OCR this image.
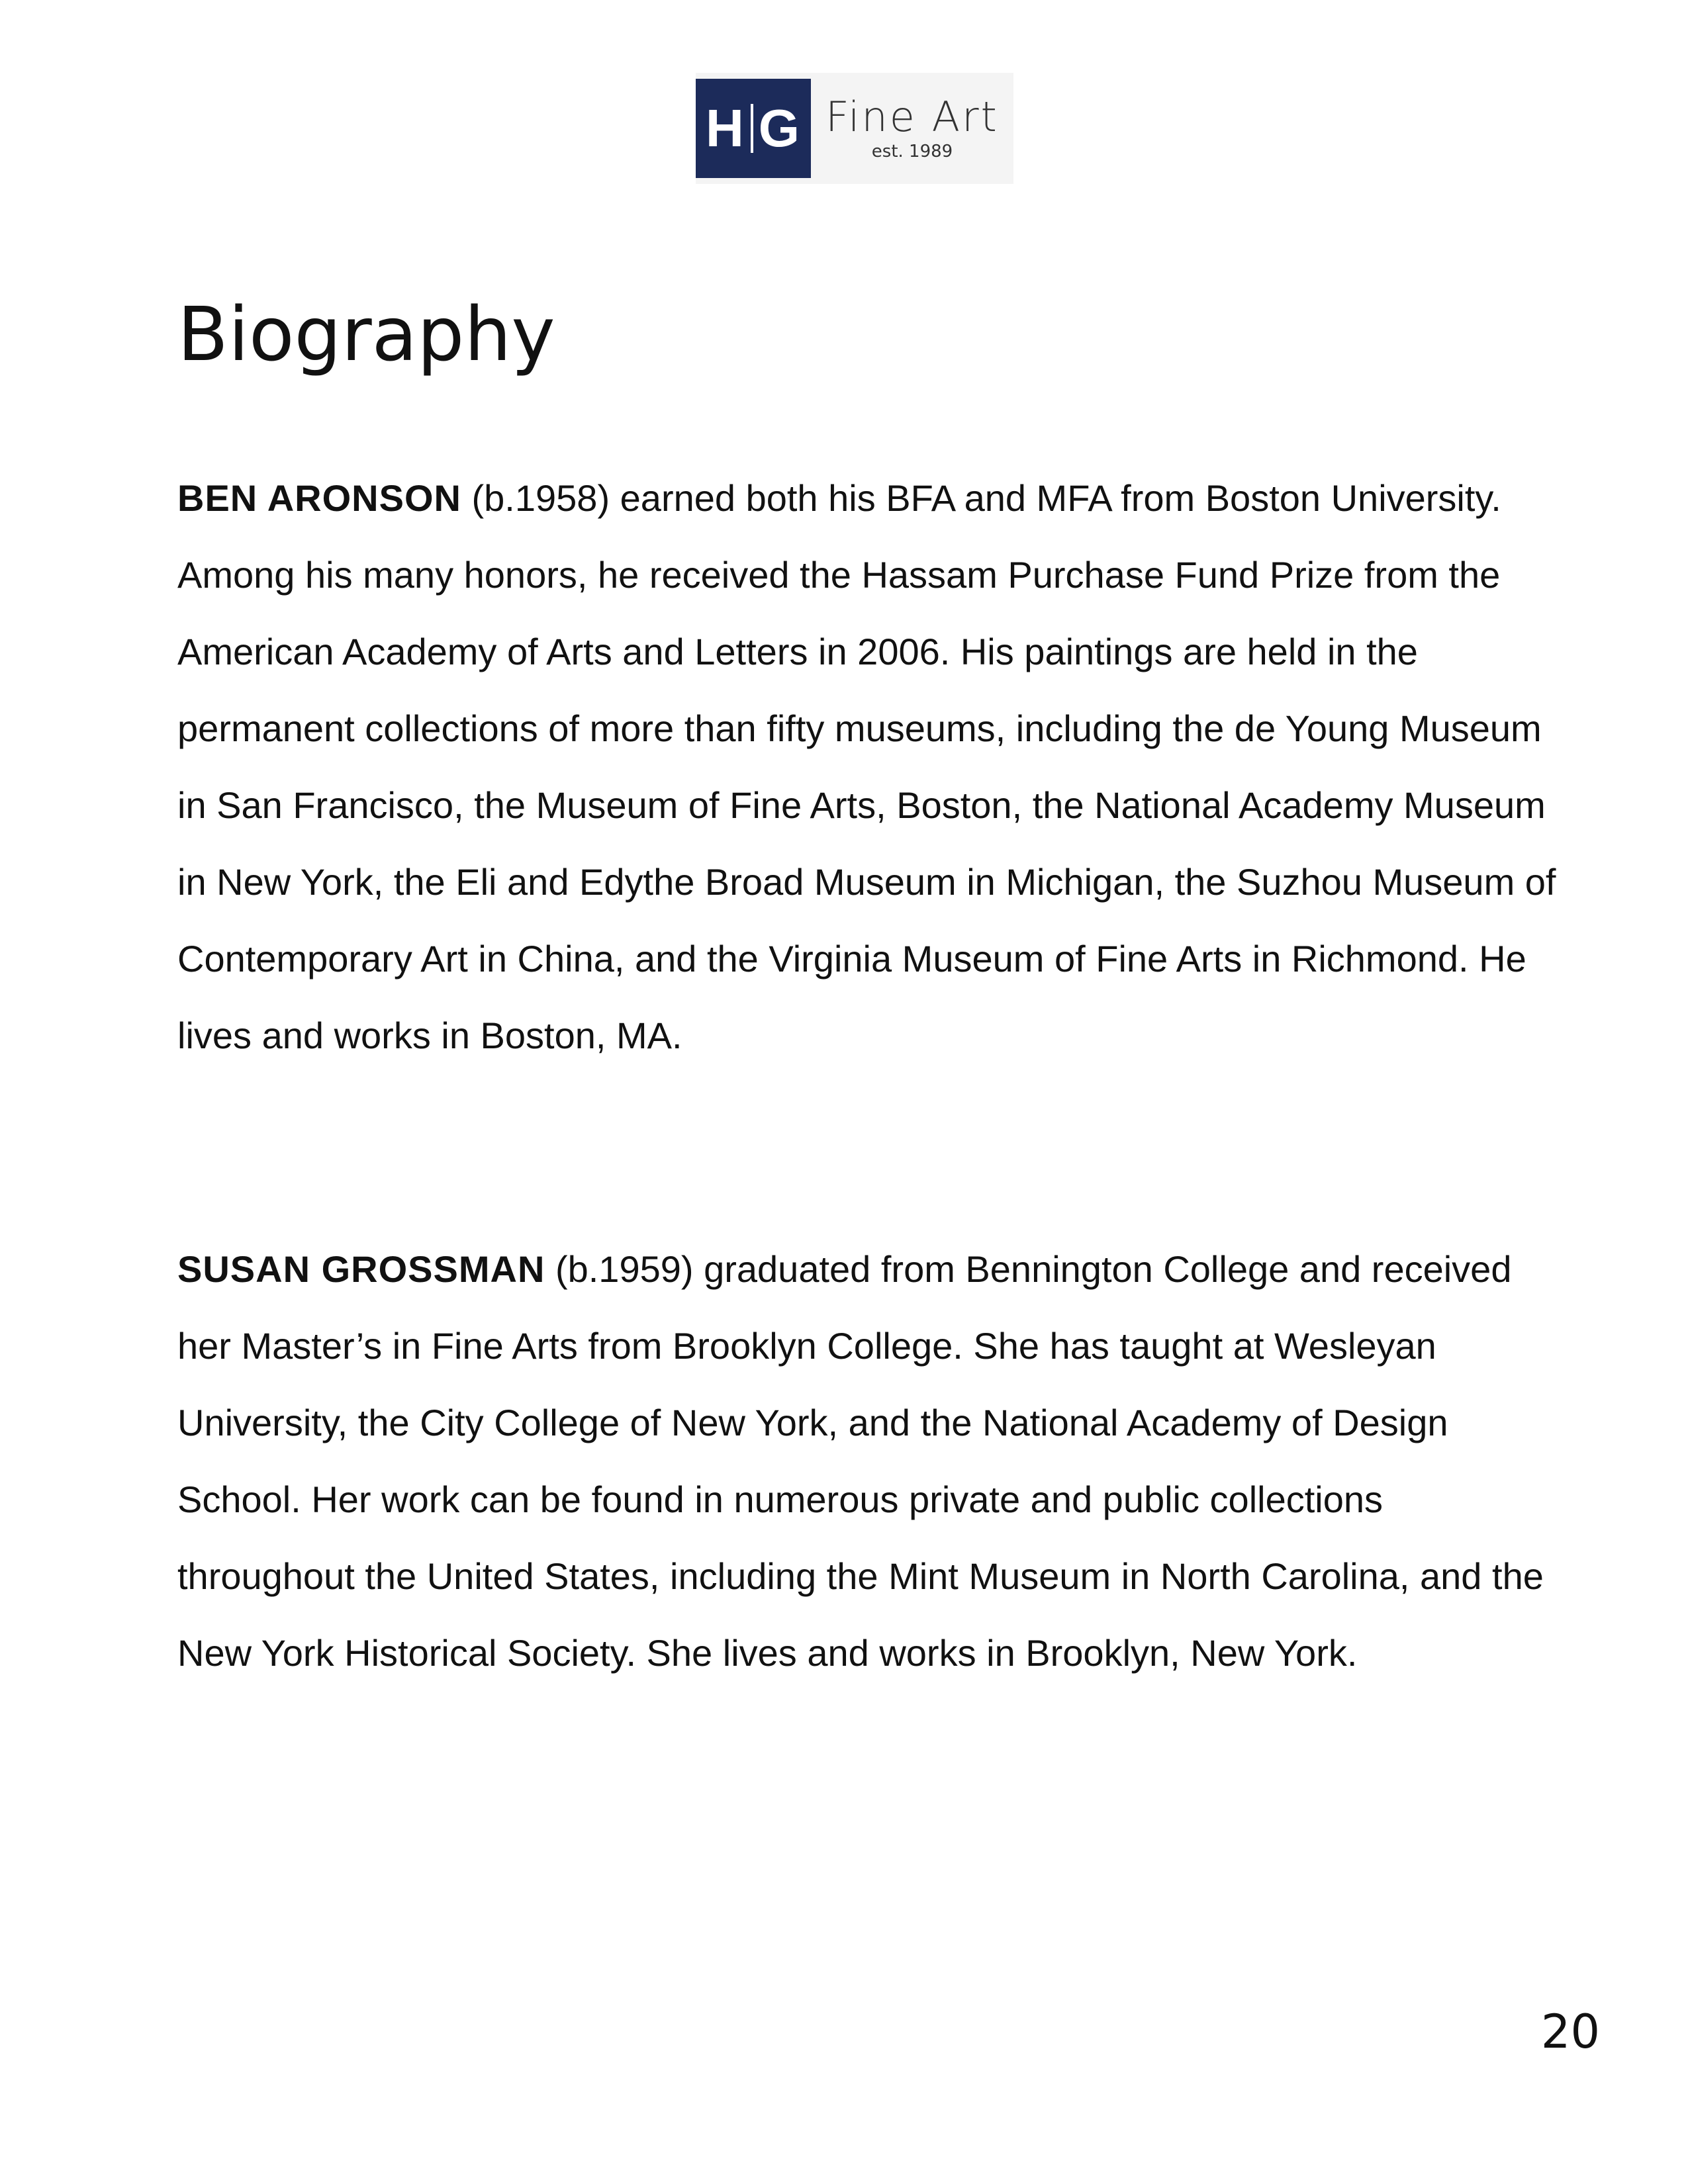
H G Fine Art
est. 1989
Biography

BEN ARONSON (b.1958) earned both his BFA and MFA from Boston University. Among his many honors, he received the Hassam Purchase Fund Prize from the American Academy of Arts and Letters in 2006. His paintings are held in the permanent collections of more than fifty museums, including the de Young Museum in San Francisco, the Museum of Fine Arts, Boston, the National Academy Museum in New York, the Eli and Edythe Broad Museum in Michigan, the Suzhou Museum of Contemporary Art in China, and the Virginia Museum of Fine Arts in Richmond. He lives and works in Boston, MA.

SUSAN GROSSMAN (b.1959) graduated from Bennington College and received her Master’s in Fine Arts from Brooklyn College. She has taught at Wesleyan University, the City College of New York, and the National Academy of Design School. Her work can be found in numerous private and public collections throughout the United States, including the Mint Museum in North Carolina, and the New York Historical Society. She lives and works in Brooklyn, New York.

20
